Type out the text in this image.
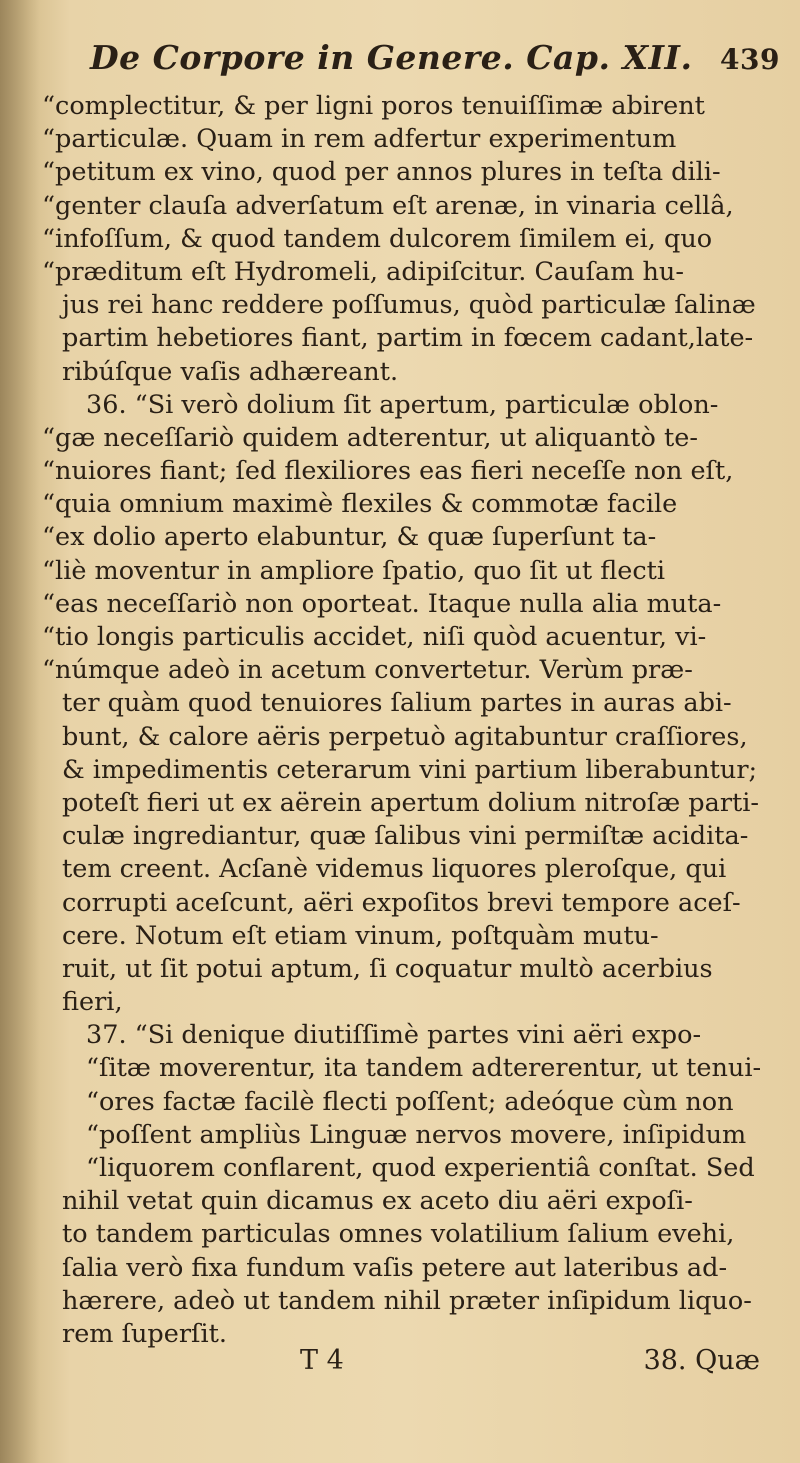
De Corpore in Genere. Cap. XII. 439
“complectitur, & per ligni poros tenuiſſimæ abirent
“particulæ. Quam in rem adfertur experimentum
“petitum ex vino, quod per annos plures in teſta dili-
“genter clauſa adverſatum eſt arenæ, in vinaria cellâ,
“infoſſum, & quod tandem dulcorem ſimilem ei, quo
“præditum eſt Hydromeli, adipiſcitur. Cauſam hu-
jus rei hanc reddere poſſumus, quòd particulæ ſalinæ
partim hebetiores fiant, partim in fœcem cadant,late-
ribúſque vaſis adhæreant.
36. “Si verò dolium ſit apertum, particulæ oblon-
“gæ neceſſariò quidem adterentur, ut aliquantò te-
“nuiores fiant; ſed flexiliores eas fieri neceſſe non eſt,
“quia omnium maximè flexiles & commotæ facile
“ex dolio aperto elabuntur, & quæ ſuperſunt ta-
“liè moventur in ampliore ſpatio, quo ſit ut flecti
“eas neceſſariò non oporteat. Itaque nulla alia muta-
“tio longis particulis accidet, niſi quòd acuentur, vi-
“númque adeò in acetum convertetur. Verùm præ-
ter quàm quod tenuiores ſalium partes in auras abi-
bunt, & calore aëris perpetuò agitabuntur craſſiores,
& impedimentis ceterarum vini partium liberabuntur;
poteſt fieri ut ex aërein apertum dolium nitroſæ parti-
culæ ingrediantur, quæ ſalibus vini permiſtæ acidita-
tem creent. Acſanè videmus liquores pleroſque, qui
corrupti aceſcunt, aëri expoſitos brevi tempore aceſ-
cere. Notum eſt etiam vinum, poſtquàm mutu-
ruit, ut ſit potui aptum, ſi coquatur multò acerbius
fieri,
37. “Si denique diutiſſimè partes vini aëri expo-
“ſitæ moverentur, ita tandem adtererentur, ut tenui-
“ores factæ facilè flecti poſſent; adeóque cùm non
“poſſent ampliùs Linguæ nervos movere, inſipidum
“liquorem conflarent, quod experientiâ conſtat. Sed
nihil vetat quin dicamus ex aceto diu aëri expoſi-
to tandem particulas omnes volatilium ſalium evehi,
ſalia verò fixa fundum vaſis petere aut lateribus ad-
hærere, adeò ut tandem nihil præter inſipidum liquo-
rem ſuperſit.
T 4	38. Quæ
